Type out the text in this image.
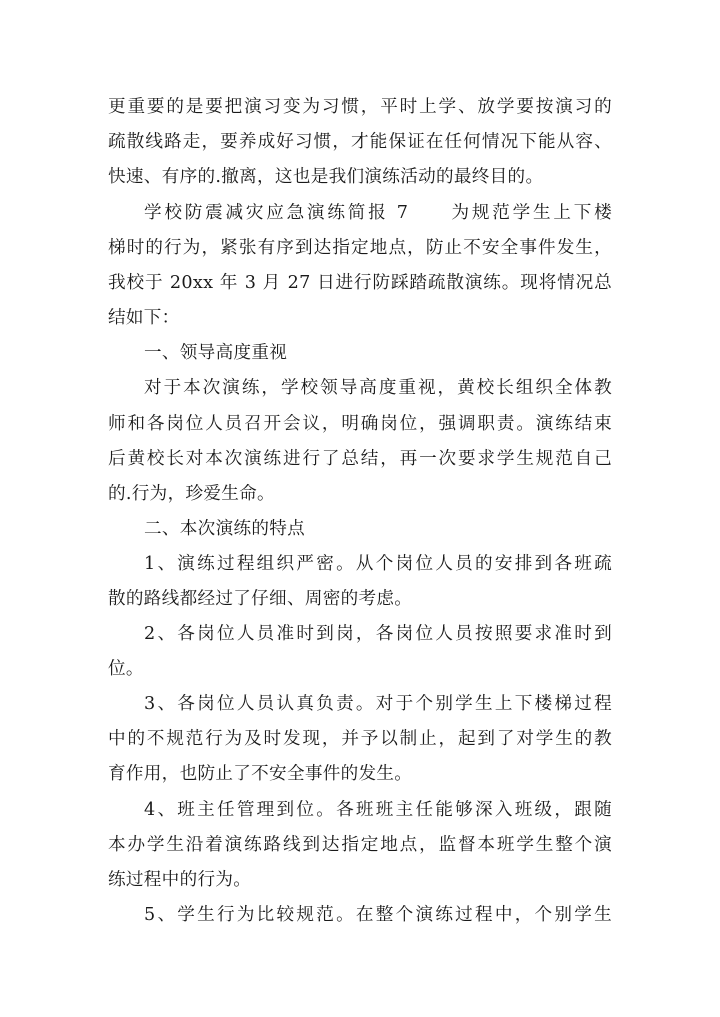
更重要的是要把演习变为习惯，平时上学、放学要按演习的
疏散线路走，要养成好习惯，才能保证在任何情况下能从容、
快速、有序的.撤离，这也是我们演练活动的最终目的。
学校防震减灾应急演练简报 7　　为规范学生上下楼
梯时的行为，紧张有序到达指定地点，防止不安全事件发生，
我校于 20xx 年 3 月 27 日进行防踩踏疏散演练。现将情况总
结如下：
一、领导高度重视
对于本次演练，学校领导高度重视，黄校长组织全体教
师和各岗位人员召开会议，明确岗位，强调职责。演练结束
后黄校长对本次演练进行了总结，再一次要求学生规范自己
的.行为，珍爱生命。
二、本次演练的特点
1、演练过程组织严密。从个岗位人员的安排到各班疏
散的路线都经过了仔细、周密的考虑。
2、各岗位人员准时到岗，各岗位人员按照要求准时到
位。
3、各岗位人员认真负责。对于个别学生上下楼梯过程
中的不规范行为及时发现，并予以制止，起到了对学生的教
育作用，也防止了不安全事件的发生。
4、班主任管理到位。各班班主任能够深入班级，跟随
本办学生沿着演练路线到达指定地点，监督本班学生整个演
练过程中的行为。
5、学生行为比较规范。在整个演练过程中，个别学生
